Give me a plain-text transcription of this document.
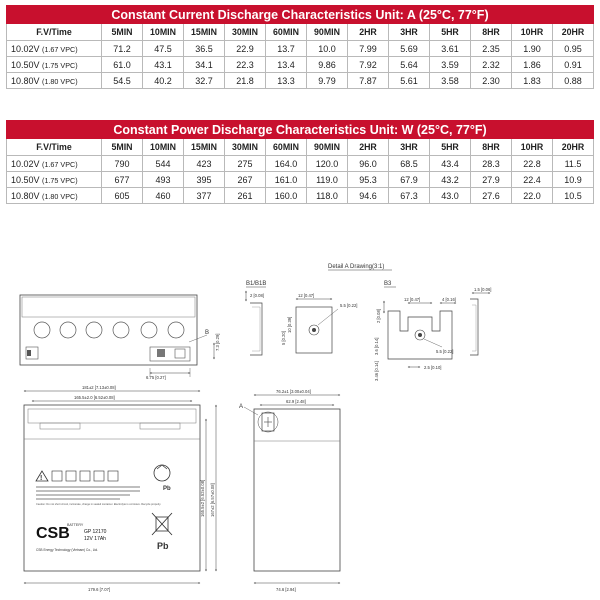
Constant Current Discharge Characteristics Unit: A (25°C, 77°F)												
F.V/Time	5MIN	10MIN	15MIN	30MIN	60MIN	90MIN	2HR	3HR	5HR	8HR	10HR	20HR
10.02V (1.67 VPC)	71.2	47.5	36.5	22.9	13.7	10.0	7.99	5.69	3.61	2.35	1.90	0.95
10.50V (1.75 VPC)	61.0	43.1	34.1	22.3	13.4	9.86	7.92	5.64	3.59	2.32	1.86	0.91
10.80V (1.80 VPC)	54.5	40.2	32.7	21.8	13.3	9.79	7.87	5.61	3.58	2.30	1.83	0.88
Constant Power Discharge Characteristics Unit: W (25°C, 77°F)												
F.V/Time	5MIN	10MIN	15MIN	30MIN	60MIN	90MIN	2HR	3HR	5HR	8HR	10HR	20HR
10.02V (1.67 VPC)	790	544	423	275	164.0	120.0	96.0	68.5	43.4	28.3	22.8	11.5
10.50V (1.75 VPC)	677	493	395	267	161.0	119.0	95.3	67.9	43.2	27.9	22.4	10.9
10.80V (1.80 VPC)	605	460	377	261	160.0	118.0	94.6	67.3	43.0	27.6	22.0	10.5
Detail A Drawing(3:1)
B
7.3 [0.29]
6.75 [0.27]
B1/B1B
2 [0.08]	12 [0.47]
5.5 [0.22]
5 [0.20]
10 [0.39]
B3
1.5 [0.06]
2 [0.08]
12 [0.47]	4 [0.16]
5.5 [0.22]
3.6 [0.14]
3.46 [0.14]	2.5 [0.10]
181±2 [7.13±0.08]
165.5±2.0 [6.52±0.08]
!
Caution: Do not short circuit, incinerate, charge in sealed container. Electrolyte is corrosive. Recycle properly.
Pb
CSB
BATTERY
GP 12170
12V 17Ah
CSB Energy Technology (Vietnam) Co., Ltd.	Pb
179.6 [7.07]
165.5±2 [6.52±0.08] 167±2 [6.57±0.08]
76.2±1 [3.00±0.04]
62.9 [2.48]
A
74.6 [2.94]
